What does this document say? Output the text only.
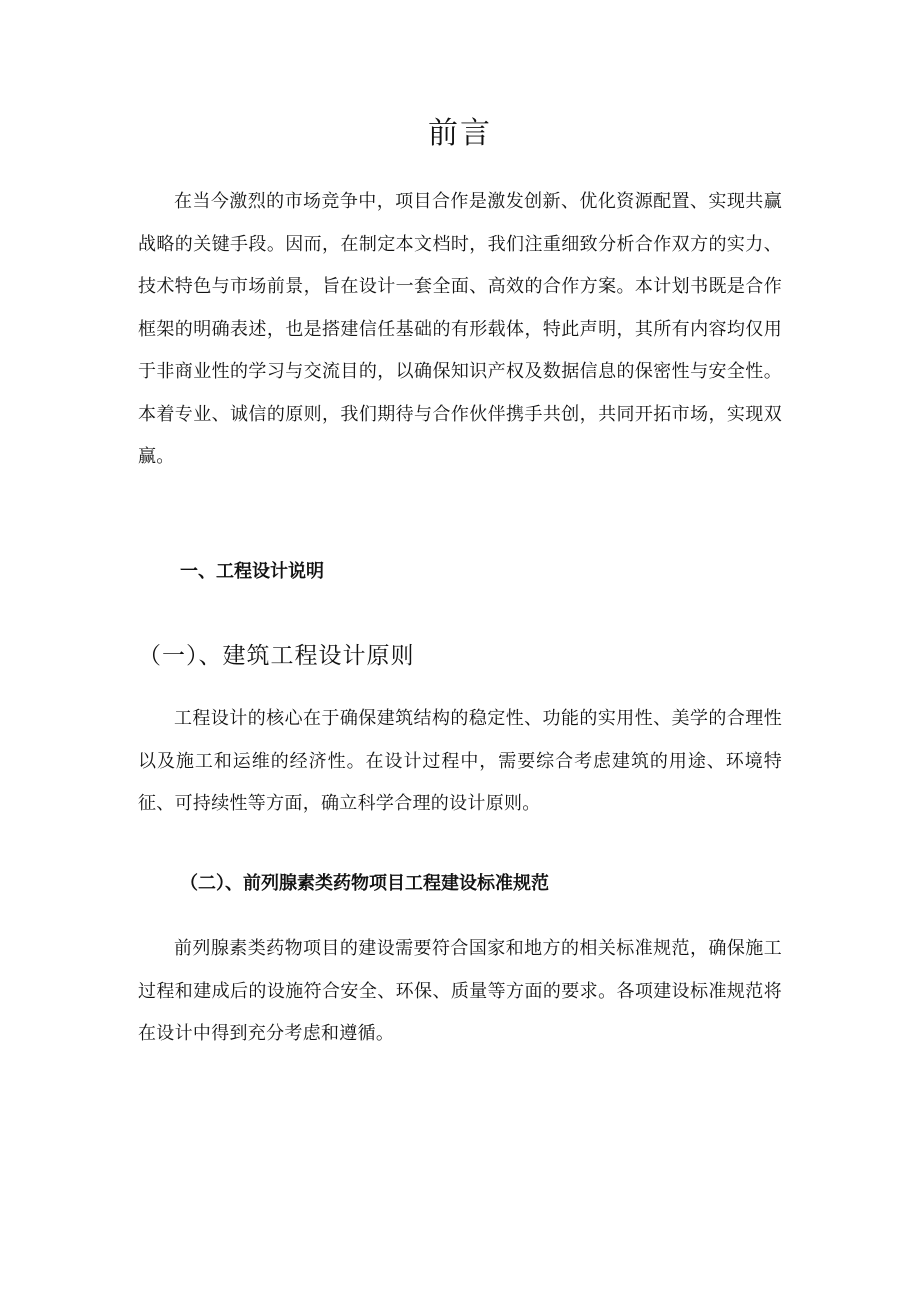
前言

在当今激烈的市场竞争中，项目合作是激发创新、优化资源配置、实现共赢战略的关键手段。因而，在制定本文档时，我们注重细致分析合作双方的实力、技术特色与市场前景，旨在设计一套全面、高效的合作方案。本计划书既是合作框架的明确表述，也是搭建信任基础的有形载体，特此声明，其所有内容均仅用于非商业性的学习与交流目的，以确保知识产权及数据信息的保密性与安全性。本着专业、诚信的原则，我们期待与合作伙伴携手共创，共同开拓市场，实现双赢。

一、工程设计说明
（一）、建筑工程设计原则

工程设计的核心在于确保建筑结构的稳定性、功能的实用性、美学的合理性以及施工和运维的经济性。在设计过程中，需要综合考虑建筑的用途、环境特征、可持续性等方面，确立科学合理的设计原则。

（二）、前列腺素类药物项目工程建设标准规范

前列腺素类药物项目的建设需要符合国家和地方的相关标准规范，确保施工过程和建成后的设施符合安全、环保、质量等方面的要求。各项建设标准规范将在设计中得到充分考虑和遵循。
